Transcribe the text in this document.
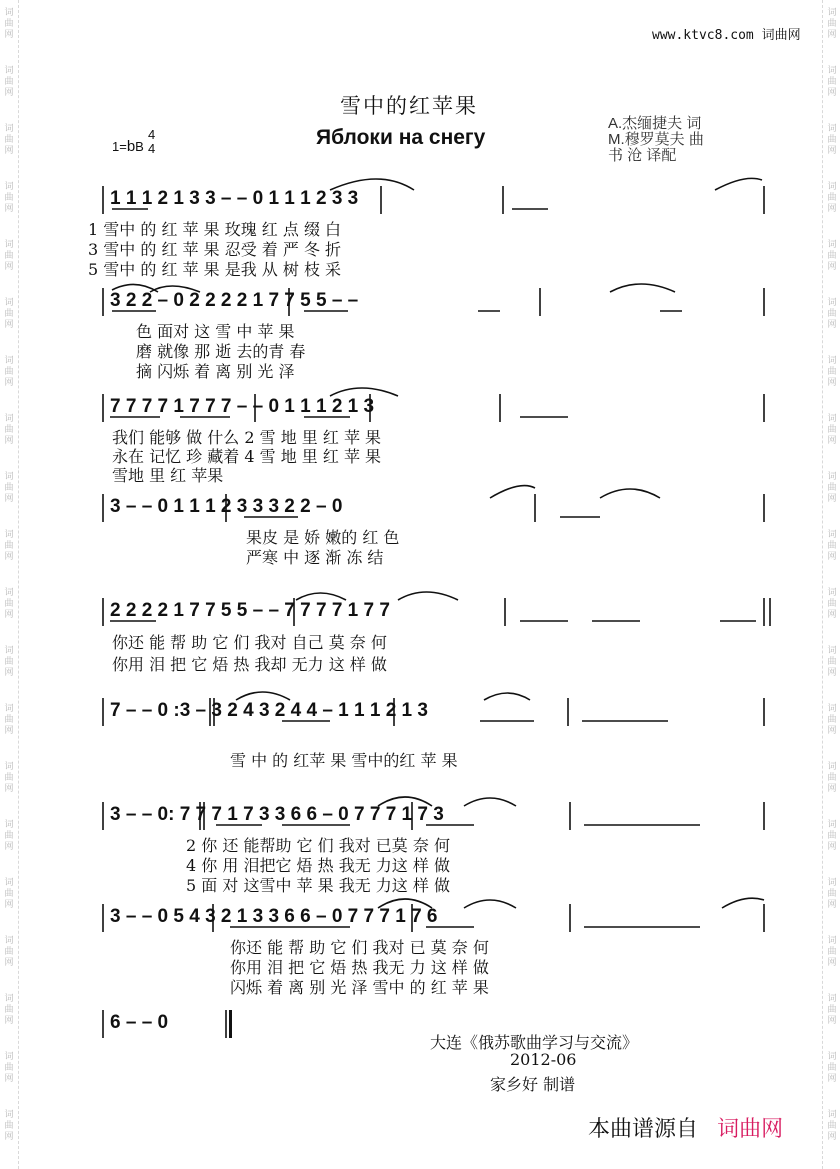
词
曲
网
词
曲
网
词
曲
网
词
曲
网
词
曲
网
词
曲
网
词
曲
网
词
曲
网
词
曲
网
词
曲
网
词
曲
网
词
曲
网
词
曲
网
词
曲
网
词
曲
网
词
曲
网
词
曲
网
词
曲
网
词
曲
网
词
曲
网
词
曲
网
词
曲
网
词
曲
网
词
曲
网
词
曲
网
词
曲
网
词
曲
网
词
曲
网
词
曲
网
词
曲
网
词
曲
网
词
曲
网
词
曲
网
词
曲
网
词
曲
网
词
曲
网
词
曲
网
词
曲
网
词
曲
网
词
曲
网
www.ktvc8.com 词曲网
雪中的红苹果
Яблоки на снегу
1=bB
4
4
A.杰缅捷夫 词
M.穆罗莫夫 曲
书 沧 译配
1 1 1 2 1 3 3 – – 0 1 1 1 2 3 3
1 雪中 的 红 苹 果 玫瑰 红 点 缀 白
3 雪中 的 红 苹 果 忍受 着 严 冬 折
5 雪中 的 红 苹 果 是我 从 树 枝 采
3 2 2 – 0 2 2 2 2 1 7 7 5 5 – –
色 面对 这 雪 中 苹 果
磨 就像 那 逝 去的青 春
摘 闪烁 着 离 别 光 泽
7 7 7 7 1 7 7 7 – – 0 1 1 1 2 1 3
我们 能够 做 什么 2 雪 地 里 红 苹 果
永在 记忆 珍 藏着 4 雪 地 里 红 苹 果
雪地 里 红 苹果
3 – – 0 1 1 1 2 3 3 3 2 2 – 0
果皮 是 娇 嫩的 红 色
严寒 中 逐 渐 冻 结
2 2 2 2 1 7 7 5 5 – – 7 7 7 7 1 7 7
你还 能 帮 助 它 们 我对 自己 莫 奈 何
你用 泪 把 它 焐 热 我却 无力 这 样 做
7 – – 0 :3 – 3 2 4 3 2 4 4 – 1 1 1 2 1 3
雪 中 的 红苹 果 雪中的红 苹 果
3 – – 0: 7 7 7 1 7 3 3 6 6 – 0 7 7 7 1 7 3
2 你 还 能帮助 它 们 我对 已莫 奈 何
4 你 用 泪把它 焐 热 我无 力这 样 做
5 面 对 这雪中 苹 果 我无 力这 样 做
3 – – 0 5 4 3 2 1 3 3 6 6 – 0 7 7 7 1 7 6
你还 能 帮 助 它 们 我对 已 莫 奈 何
你用 泪 把 它 焐 热 我无 力 这 样 做
闪烁 着 离 别 光 泽 雪中 的 红 苹 果
6 – – 0
大连《俄苏歌曲学习与交流》
2012-06
家乡好 制谱
本曲谱源自 词曲网
